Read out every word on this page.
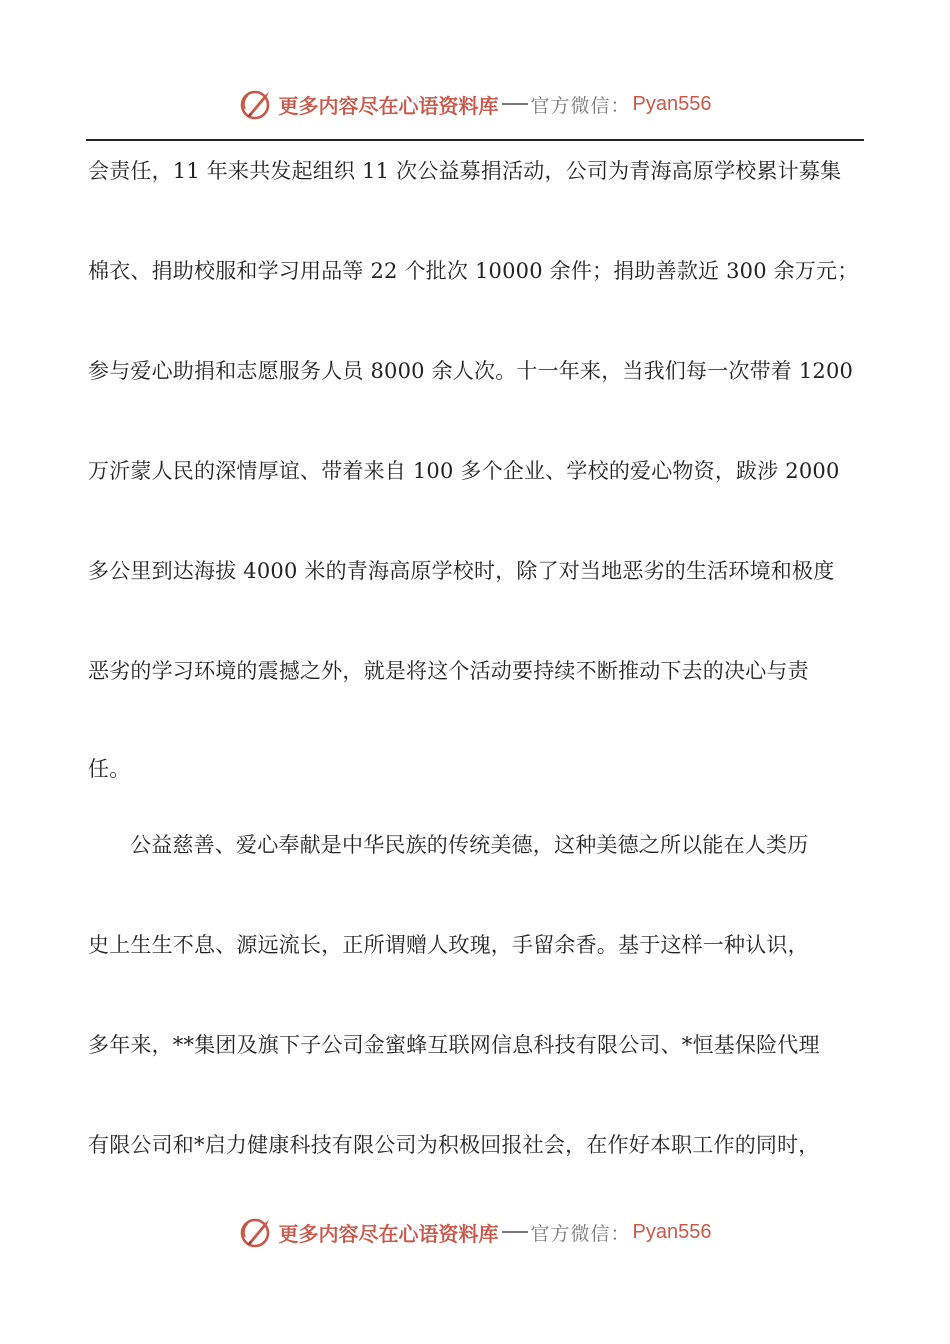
更多内容尽在心语资料库 官方微信： Pyan556
会责任，11 年来共发起组织 11 次公益募捐活动，公司为青海高原学校累计募集
棉衣、捐助校服和学习用品等 22 个批次 10000 余件；捐助善款近 300 余万元；
参与爱心助捐和志愿服务人员 8000 余人次。十一年来，当我们每一次带着 1200
万沂蒙人民的深情厚谊、带着来自 100 多个企业、学校的爱心物资，跋涉 2000
多公里到达海拔 4000 米的青海高原学校时，除了对当地恶劣的生活环境和极度
恶劣的学习环境的震撼之外，就是将这个活动要持续不断推动下去的决心与责
任。
公益慈善、爱心奉献是中华民族的传统美德，这种美德之所以能在人类历
史上生生不息、源远流长，正所谓赠人玫瑰，手留余香。基于这样一种认识，
多年来，**集团及旗下子公司金蜜蜂互联网信息科技有限公司、*恒基保险代理
有限公司和*启力健康科技有限公司为积极回报社会，在作好本职工作的同时，
更多内容尽在心语资料库 官方微信： Pyan556
